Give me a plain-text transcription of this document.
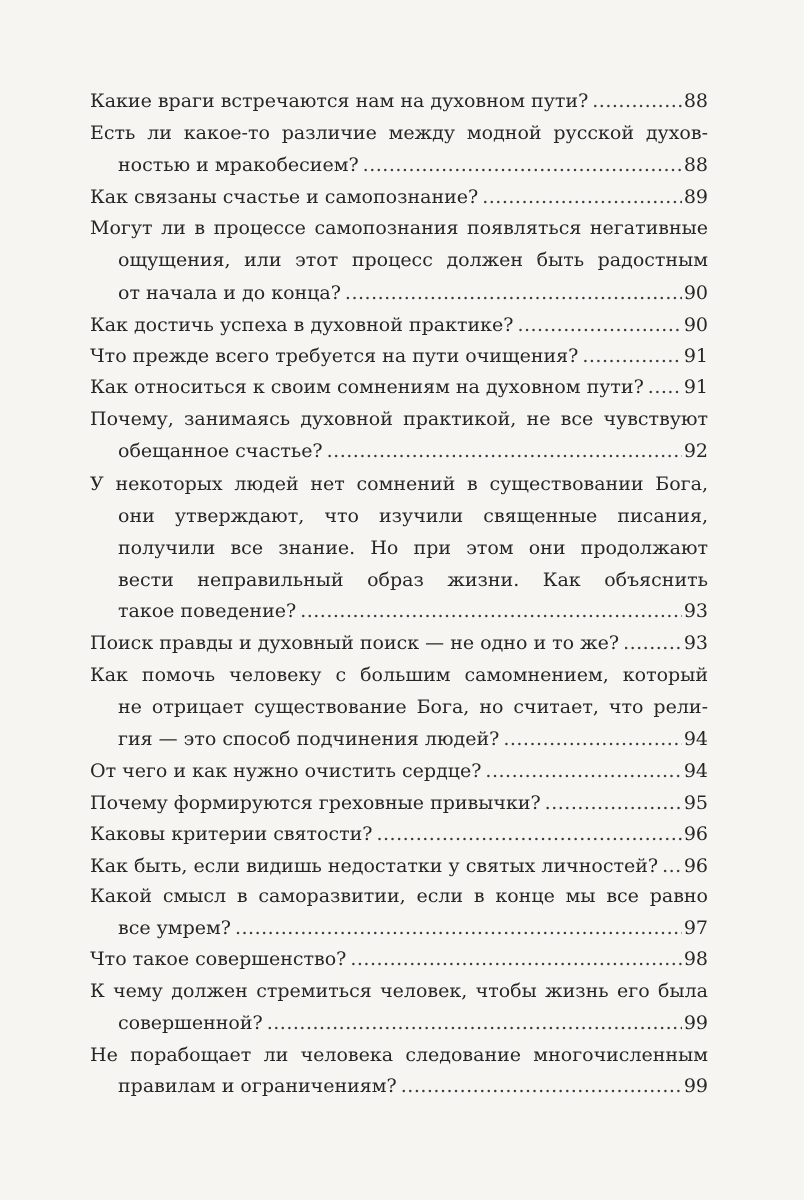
Какие враги встречаются нам на духовном пути? .....	88
Есть ли какое-то различие между модной русской духов-
ностью и мракобесием? .....	88
Как связаны счастье и самопознание? .....	89
Могут ли в процессе самопознания появляться негативные
ощущения, или этот процесс должен быть радостным
от начала и до конца? .....	90
Как достичь успеха в духовной практике? .....	90
Что прежде всего требуется на пути очищения? .....	91
Как относиться к своим сомнениям на духовном пути? ..... 91
Почему, занимаясь духовной практикой, не все чувствуют
обещанное счастье? .....	92
У некоторых людей нет сомнений в существовании Бога,
они утверждают, что изучили священные писания,
получили все знание. Но при этом они продолжают
вести неправильный образ жизни. Как объяснить
такое поведение? .....	93
Поиск правды и духовный поиск — не одно и то же? .....	93
Как помочь человеку с большим самомнением, который
не отрицает существование Бога, но считает, что рели-
гия — это способ подчинения людей? .....	94
От чего и как нужно очистить сердце? .....	94
Почему формируются греховные привычки? .....	95
Каковы критерии святости? .....	96
Как быть, если видишь недостатки у святых личностей? ..... 96
Какой смысл в саморазвитии, если в конце мы все равно
все умрем? .....	97
Что такое совершенство? .....	98
К чему должен стремиться человек, чтобы жизнь его была
совершенной? .....	99
Не порабощает ли человека следование многочисленным
правилам и ограничениям? .....	99
